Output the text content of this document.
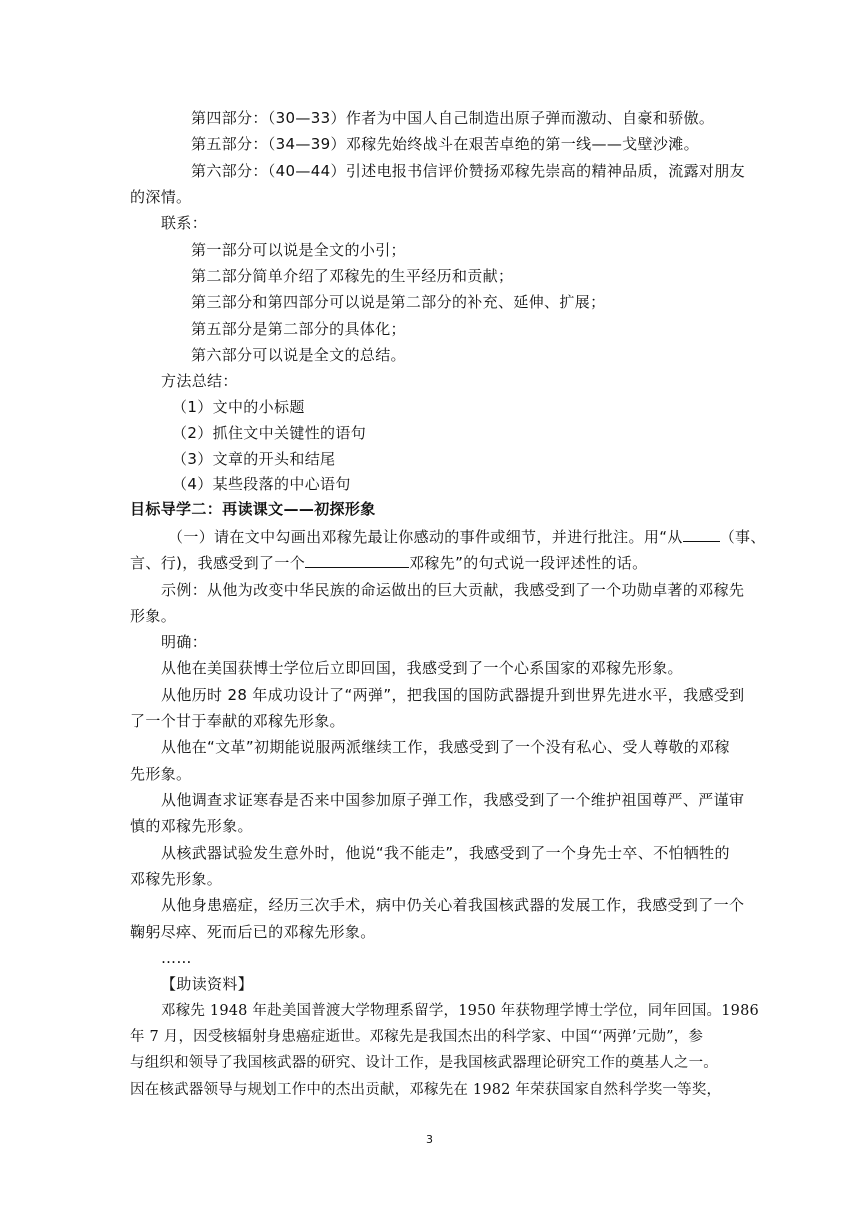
第四部分：（30—33）作者为中国人自己制造出原子弹而激动、自豪和骄傲。
第五部分：（34—39）邓稼先始终战斗在艰苦卓绝的第一线——戈壁沙滩。
第六部分：（40—44）引述电报书信评价赞扬邓稼先崇高的精神品质，流露对朋友
的深情。
联系：
第一部分可以说是全文的小引；
第二部分简单介绍了邓稼先的生平经历和贡献；
第三部分和第四部分可以说是第二部分的补充、延伸、扩展；
第五部分是第二部分的具体化；
第六部分可以说是全文的总结。
方法总结：
（1）文中的小标题
（2）抓住文中关键性的语句
（3）文章的开头和结尾
（4）某些段落的中心语句
目标导学二：再读课文——初探形象
（一）请在文中勾画出邓稼先最让你感动的事件或细节，并进行批注。用“从 （事、
言、行)，我感受到了一个	邓稼先”的句式说一段评述性的话。
示例：从他为改变中华民族的命运做出的巨大贡献，我感受到了一个功勋卓著的邓稼先
形象。
明确：
从他在美国获博士学位后立即回国，我感受到了一个心系国家的邓稼先形象。
从他历时 28 年成功设计了“两弹”，把我国的国防武器提升到世界先进水平，我感受到
了一个甘于奉献的邓稼先形象。
从他在“文革”初期能说服两派继续工作，我感受到了一个没有私心、受人尊敬的邓稼
先形象。
从他调查求证寒春是否来中国参加原子弹工作，我感受到了一个维护祖国尊严、严谨审
慎的邓稼先形象。
从核武器试验发生意外时，他说“我不能走”，我感受到了一个身先士卒、不怕牺牲的
邓稼先形象。
从他身患癌症，经历三次手术，病中仍关心着我国核武器的发展工作，我感受到了一个
鞠躬尽瘁、死而后已的邓稼先形象。
……
【助读资料】
邓稼先 1948 年赴美国普渡大学物理系留学，1950 年获物理学博士学位，同年回国。1986
年 7 月，因受核辐射身患癌症逝世。邓稼先是我国杰出的科学家、中国“‘两弹’元勋”，参
与组织和领导了我国核武器的研究、设计工作，是我国核武器理论研究工作的奠基人之一。
因在核武器领导与规划工作中的杰出贡献，邓稼先在 1982 年荣获国家自然科学奖一等奖，
3
